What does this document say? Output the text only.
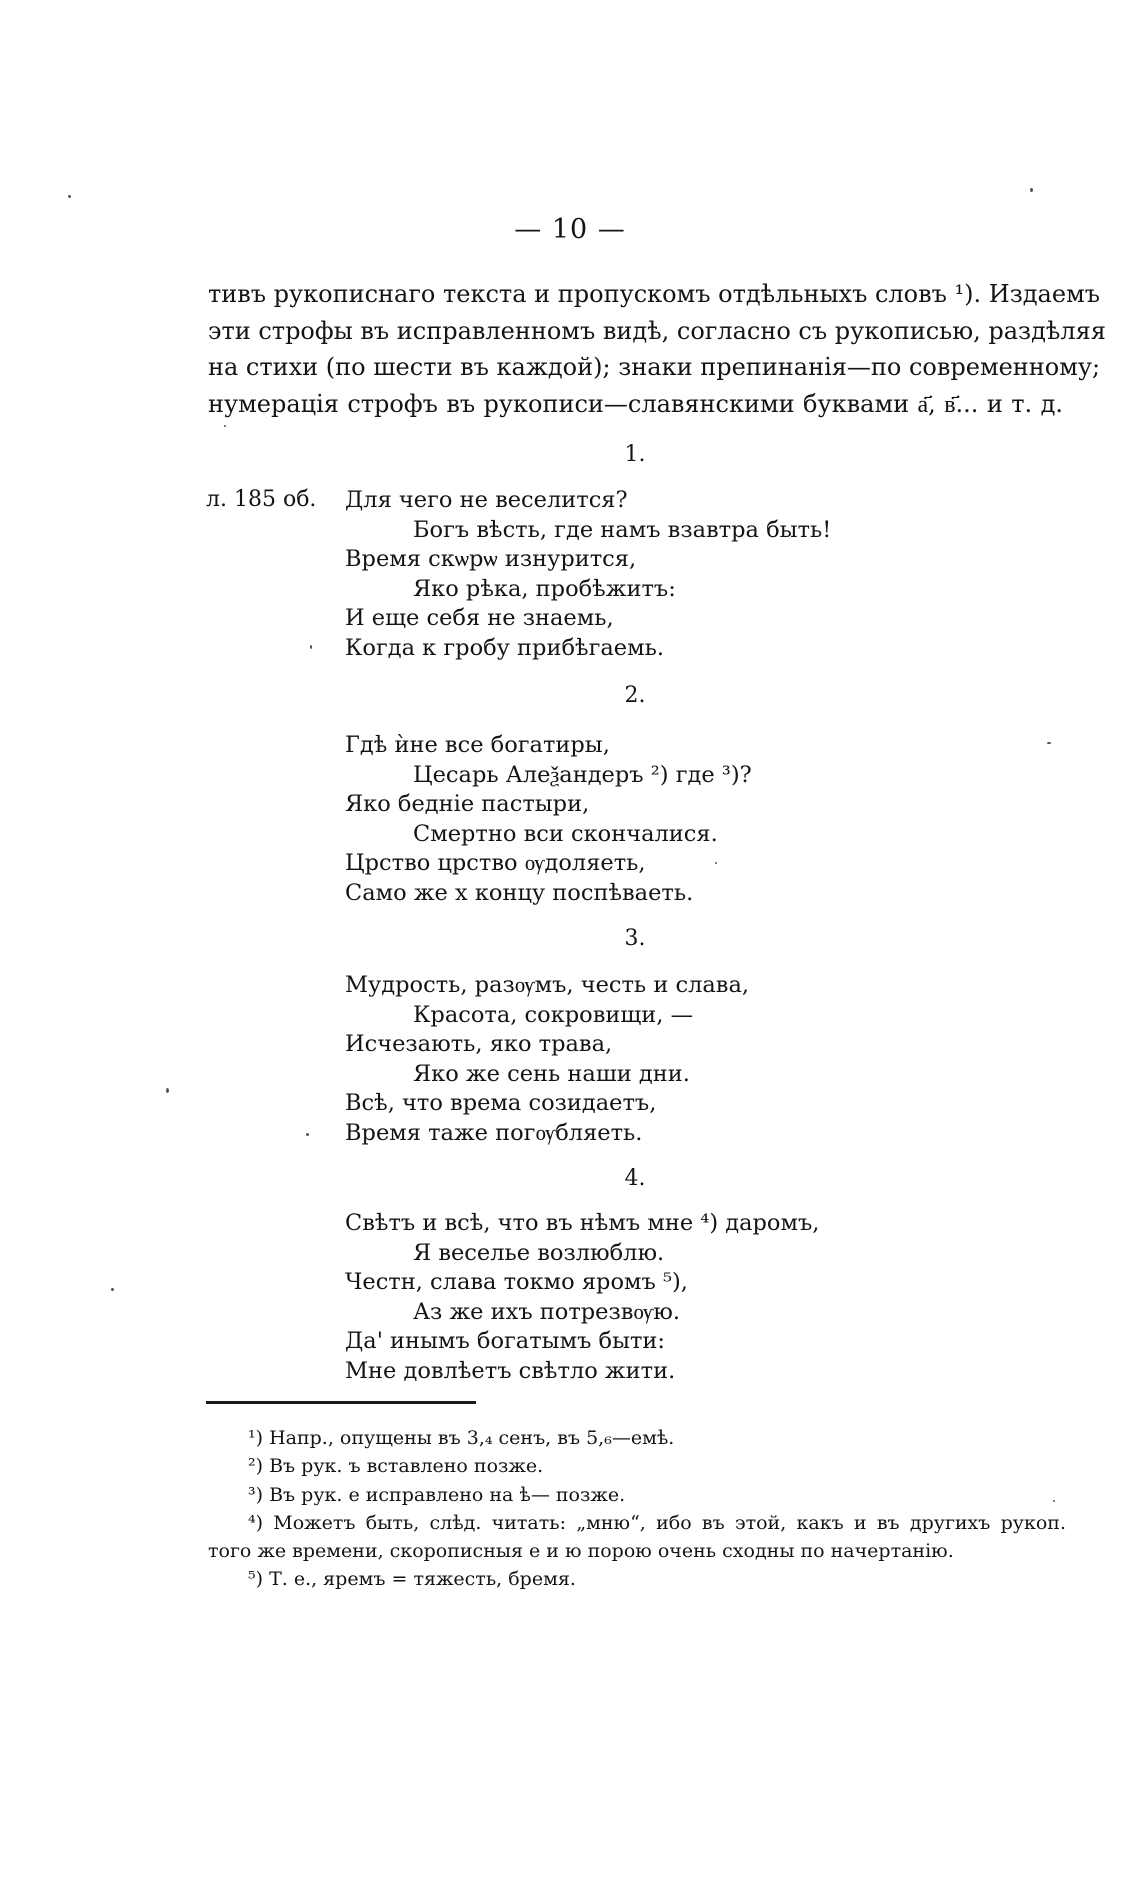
— 10 —
тивъ рукописнаго текста и пропускомъ отдѣльныхъ словъ ¹). Издаемъ
эти строфы въ исправленномъ видѣ, согласно съ рукописью, раздѣляя
на стихи (по шести въ каждой); знаки препинанія—по современному;
нумерація строфъ въ рукописи—славянскими буквами а҃, в҃... и т. д.
1.
л. 185 об. Для чего не веселится?
Богъ вѣсть, где намъ взавтра быть!
Время скѡрѡ изнурится,
Яко рѣка, пробѣжитъ:
И еще себя не знаемь,
Когда к гробу прибѣгаемь.
2.
Гдѣ ѝне все богатиры,
Цесарь Алеѯандеръ ²) где ³)?
Яко бедніе пастыри,
Смертно вси скончалися.
Црство црство ѹдоляеть,
Само же х концу поспѣваеть.
3.
Мудрость, разѹмъ, честь и слава,
Красота, сокровищи, —
Исчезають, яко трава,
Яко же сень наши дни.
Всѣ, что врема созидаетъ,
Время таже погѹбляеть.
4.
Свѣтъ и всѣ, что въ нѣмъ мне ⁴) даромъ,
Я веселье возлюблю.
Честн, слава токмо яромъ ⁵),
Аз же ихъ потрезвѹю.
Да' инымъ богатымъ быти:
Мне довлѣетъ свѣтло жити.
¹) Напр., опущены въ 3,₄ сенъ, въ 5,₆—емѣ.
²) Въ рук. ъ вставлено позже.
³) Въ рук. е исправлено на ѣ— позже.
⁴) Можетъ быть, слѣд. читать: „мню“, ибо въ этой, какъ и въ другихъ рукоп.
того же времени, скорописныя е и ю порою очень сходны по начертанію.
⁵) Т. е., яремъ = тяжесть, бремя.
